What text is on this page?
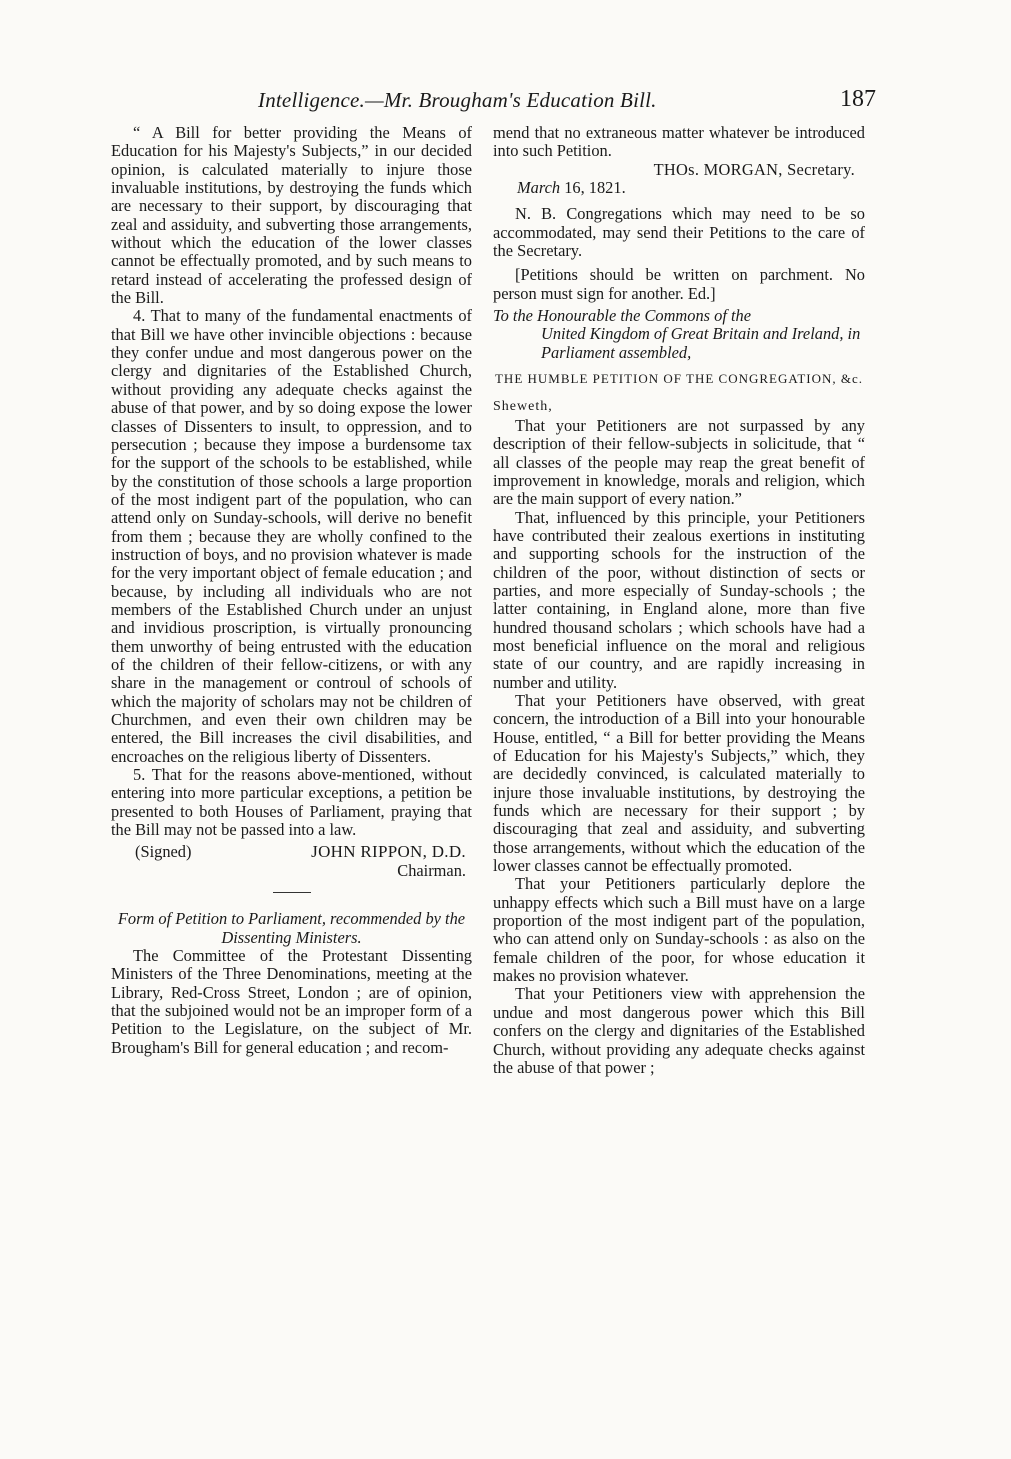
Intelligence.—Mr. Brougham's Education Bill.	187

“ A Bill for better providing the Means of Education for his Majesty's Subjects,” in our decided opinion, is calculated materially to injure those invaluable institutions, by destroying the funds which are necessary to their support, by discouraging that zeal and assiduity, and subverting those arrangements, without which the education of the lower classes cannot be effectually promoted, and by such means to retard instead of accelerating the professed design of the Bill.

4. That to many of the fundamental enactments of that Bill we have other invincible objections : because they confer undue and most dangerous power on the clergy and dignitaries of the Established Church, without providing any adequate checks against the abuse of that power, and by so doing expose the lower classes of Dissenters to insult, to oppression, and to persecution ; because they impose a burdensome tax for the support of the schools to be established, while by the constitution of those schools a large proportion of the most indigent part of the population, who can attend only on Sunday-schools, will derive no benefit from them ; because they are wholly confined to the instruction of boys, and no provision whatever is made for the very important object of female education ; and because, by including all individuals who are not members of the Established Church under an unjust and invidious proscription, is virtually pronouncing them unworthy of being entrusted with the education of the children of their fellow-citizens, or with any share in the management or controul of schools of which the majority of scholars may not be children of Churchmen, and even their own children may be entered, the Bill increases the civil disabilities, and encroaches on the religious liberty of Dissenters.

5. That for the reasons above-mentioned, without entering into more particular exceptions, a petition be presented to both Houses of Parliament, praying that the Bill may not be passed into a law.

(Signed)	JOHN RIPPON, D.D.

Chairman.

Form of Petition to Parliament, recommended by the Dissenting Ministers.

The Committee of the Protestant Dissenting Ministers of the Three Denominations, meeting at the Library, Red-Cross Street, London ; are of opinion, that the subjoined would not be an improper form of a Petition to the Legislature, on the subject of Mr. Brougham's Bill for general education ; and recom-

mend that no extraneous matter whatever be introduced into such Petition.

THOs. MORGAN, Secretary.

March 16, 1821.

N. B. Congregations which may need to be so accommodated, may send their Petitions to the care of the Secretary.

[Petitions should be written on parchment. No person must sign for another. Ed.]

To the Honourable the Commons of the
United Kingdom of Great Britain and Ireland, in Parliament assembled,

THE HUMBLE PETITION OF THE CONGREGATION, &c.

Sheweth,

That your Petitioners are not surpassed by any description of their fellow-subjects in solicitude, that “ all classes of the people may reap the great benefit of improvement in knowledge, morals and religion, which are the main support of every nation.”

That, influenced by this principle, your Petitioners have contributed their zealous exertions in instituting and supporting schools for the instruction of the children of the poor, without distinction of sects or parties, and more especially of Sunday-schools ; the latter containing, in England alone, more than five hundred thousand scholars ; which schools have had a most beneficial influence on the moral and religious state of our country, and are rapidly increasing in number and utility.

That your Petitioners have observed, with great concern, the introduction of a Bill into your honourable House, entitled, “ a Bill for better providing the Means of Education for his Majesty's Subjects,” which, they are decidedly convinced, is calculated materially to injure those invaluable institutions, by destroying the funds which are necessary for their support ; by discouraging that zeal and assiduity, and subverting those arrangements, without which the education of the lower classes cannot be effectually promoted.

That your Petitioners particularly deplore the unhappy effects which such a Bill must have on a large proportion of the most indigent part of the population, who can attend only on Sunday-schools : as also on the female children of the poor, for whose education it makes no provision whatever.

That your Petitioners view with apprehension the undue and most dangerous power which this Bill confers on the clergy and dignitaries of the Established Church, without providing any adequate checks against the abuse of that power ;
